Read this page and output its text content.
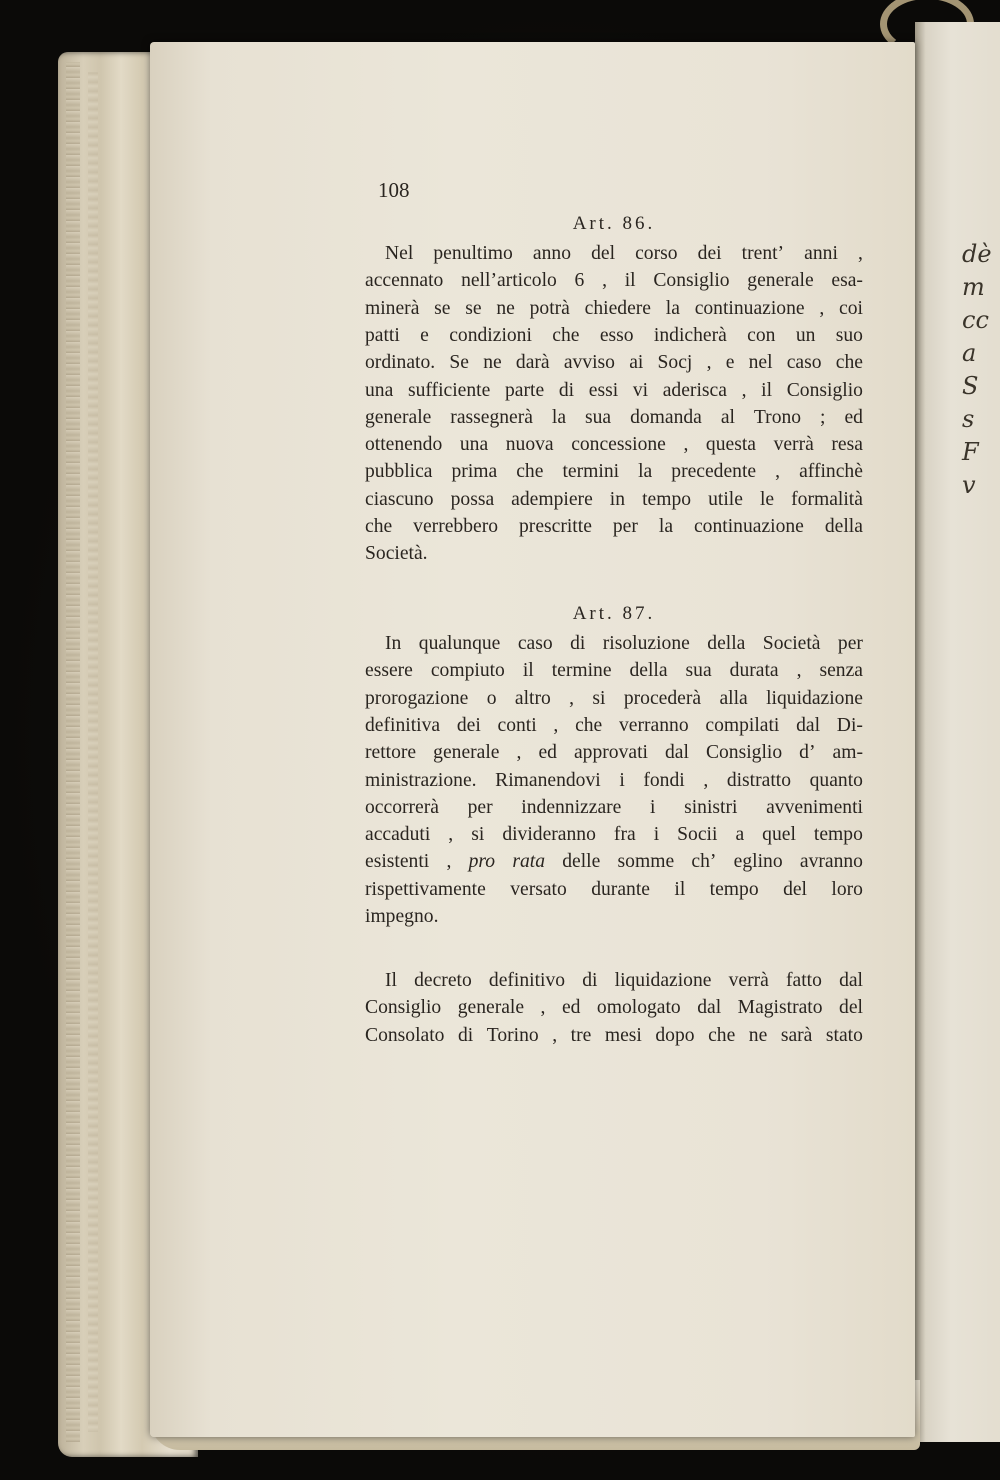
dè
m
cc
a
S
s
F
v
108
Art. 86.
Nel penultimo anno del corso dei trent’ anni ,
accennato nell’articolo 6 , il Consiglio generale esa-
minerà se se ne potrà chiedere la continuazione , coi
patti e condizioni che esso indicherà con un suo
ordinato. Se ne darà avviso ai Socj , e nel caso che
una sufficiente parte di essi vi aderisca , il Consiglio
generale rassegnerà la sua domanda al Trono ; ed
ottenendo una nuova concessione , questa verrà resa
pubblica prima che termini la precedente , affinchè
ciascuno possa adempiere in tempo utile le formalità
che verrebbero prescritte per la continuazione della
Società.
Art. 87.
In qualunque caso di risoluzione della Società per
essere compiuto il termine della sua durata , senza
prorogazione o altro , si procederà alla liquidazione
definitiva dei conti , che verranno compilati dal Di-
rettore generale , ed approvati dal Consiglio d’ am-
ministrazione. Rimanendovi i fondi , distratto quanto
occorrerà per indennizzare i sinistri avvenimenti
accaduti , si divideranno fra i Socii a quel tempo
esistenti , pro rata delle somme ch’ eglino avranno
rispettivamente versato durante il tempo del loro
impegno.
Il decreto definitivo di liquidazione verrà fatto dal
Consiglio generale , ed omologato dal Magistrato del
Consolato di Torino , tre mesi dopo che ne sarà stato
